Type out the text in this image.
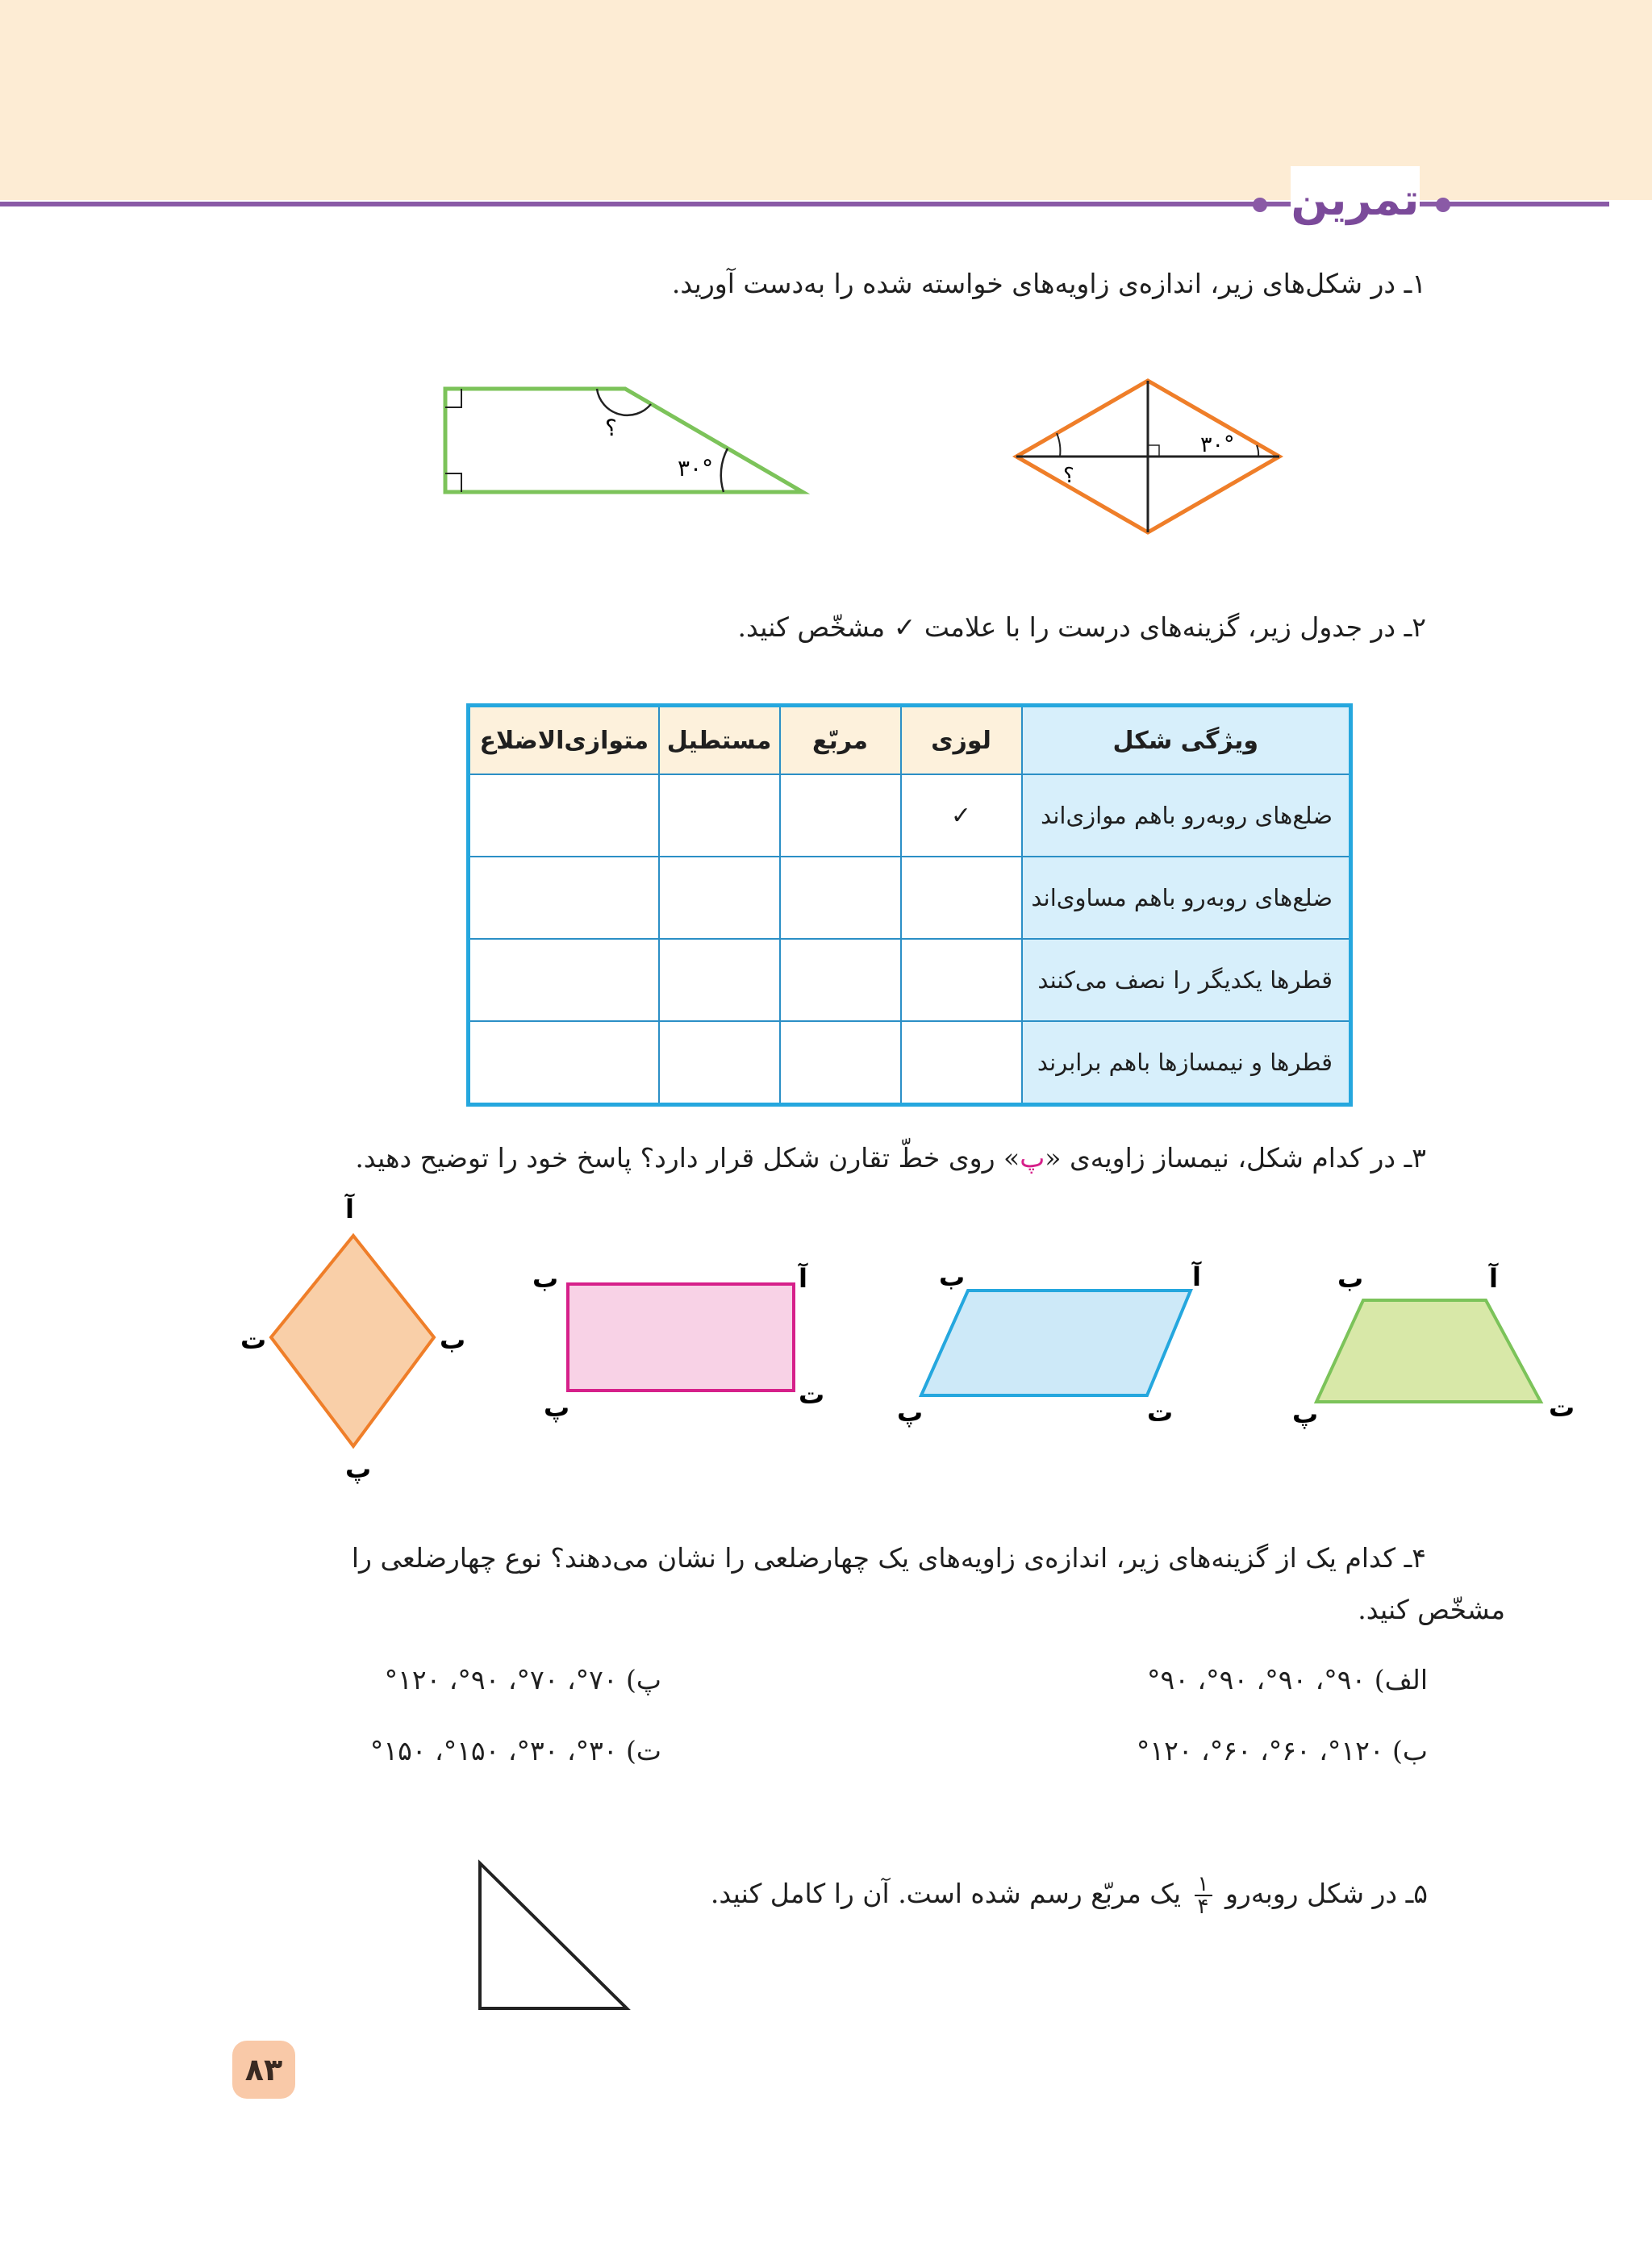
تمرین
۱ـ در شکل‌های زیر، اندازه‌ی زاویه‌های خواسته شده را به‌دست آورید.
؟
۳۰°
۳۰°
؟
۲ـ در جدول زیر، گزینه‌های درست را با علامت ✓ مشخّص کنید.
ویژگی شکل	لوزی	مربّع	مستطیل	متوازی‌الاضلاع
ضلع‌های روبه‌رو باهم موازی‌اند	✓			
ضلع‌های روبه‌رو باهم مساوی‌اند				
قطرها یکدیگر را نصف می‌کنند				
قطرها و نیمسازها باهم برابرند				
۳ـ در کدام شکل، نیمساز زاویه‌ی «پ» روی خطّ تقارن شکل قرار دارد؟ پاسخ خود را توضیح دهید.
آ
ب
پ
ت
ب	آ
پ	ت
ب	آ
پ	ت
ب	آ
پ	ت
۴ـ کدام یک از گزینه‌های زیر، اندازه‌ی زاویه‌های یک چهارضلعی را نشان می‌دهند؟ نوع چهارضلعی را
مشخّص کنید.
الف) ۹۰°، ۹۰°، ۹۰°، ۹۰°
پ) ۷۰°، ۷۰°، ۹۰°، ۱۲۰°
ب) ۱۲۰°، ۶۰°، ۶۰°، ۱۲۰°
ت) ۳۰°، ۳۰°، ۱۵۰°، ۱۵۰°
۵ـ در شکل روبه‌رو
$\frac{۱}{۴}$
یک مربّع رسم شده است. آن را کامل کنید.
۸۳
